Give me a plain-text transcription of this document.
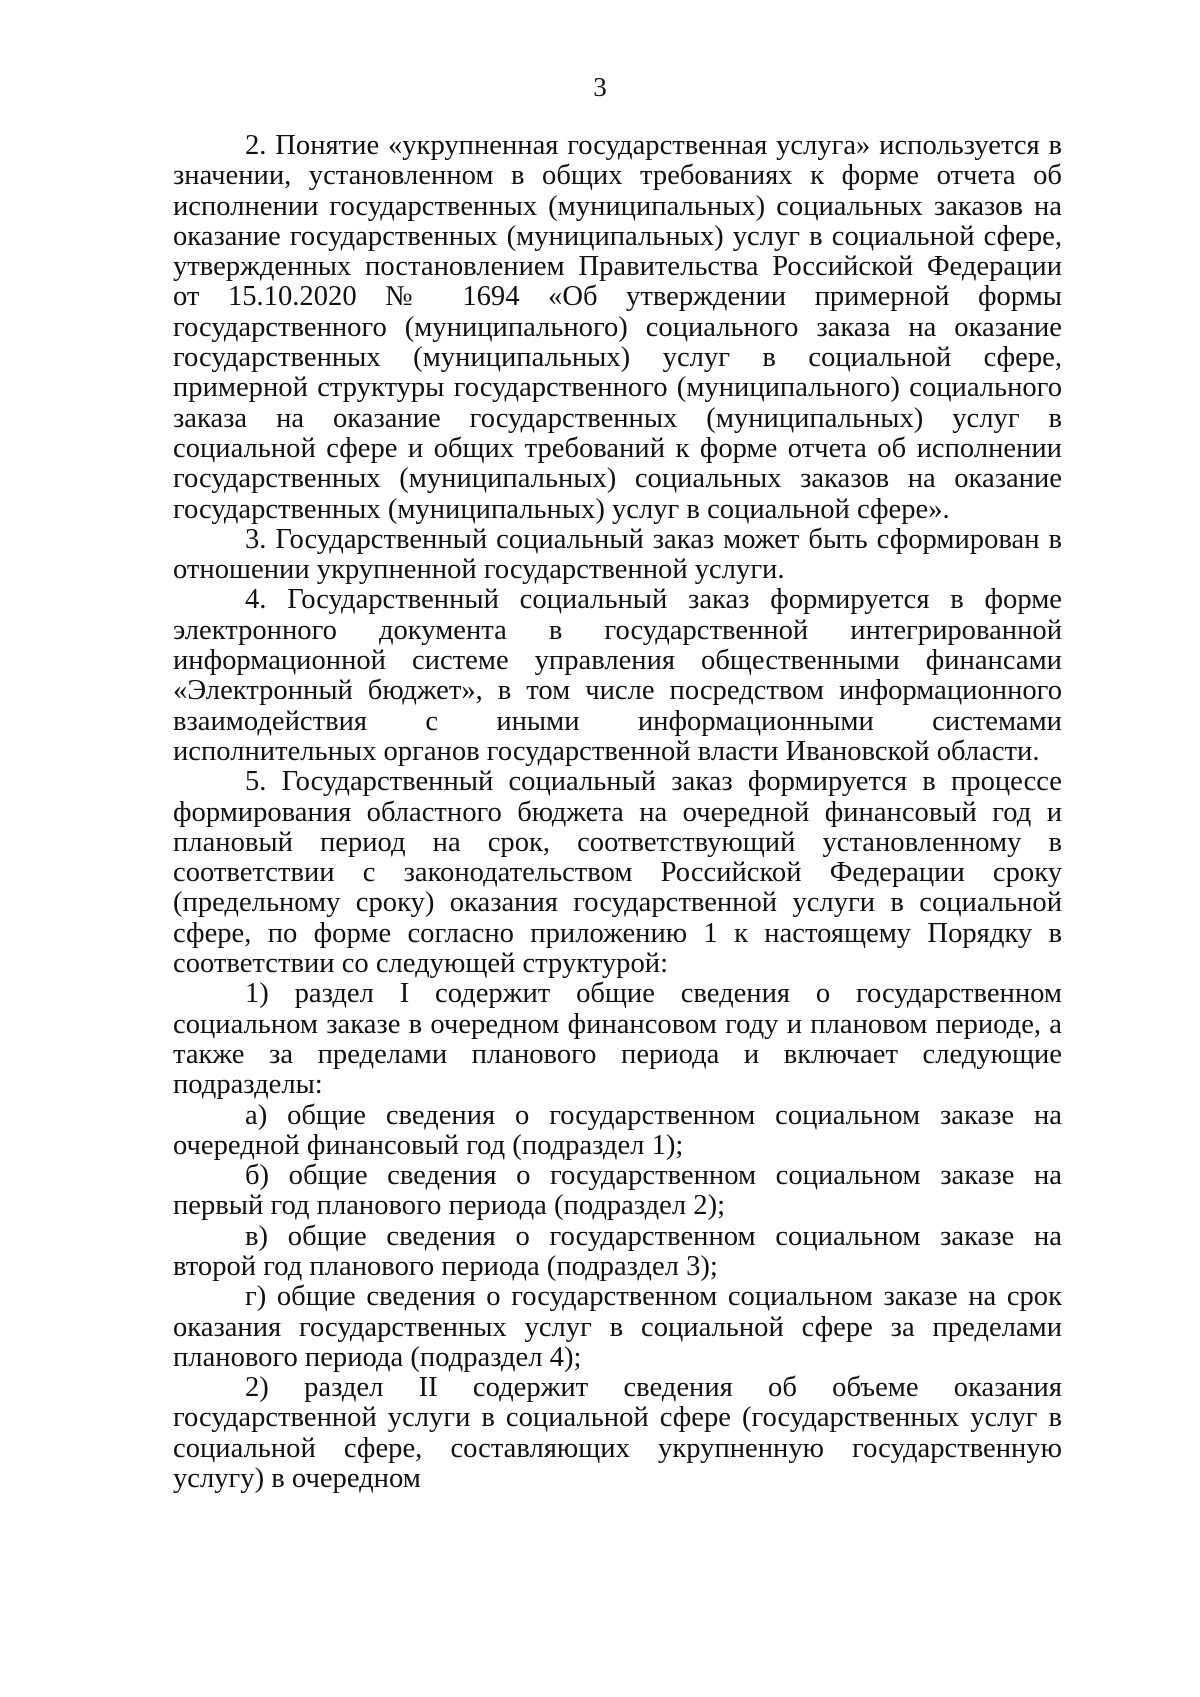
3

2. Понятие «укрупненная государственная услуга» используется в значении, установленном в общих требованиях к форме отчета об исполнении государственных (муниципальных) социальных заказов на оказание государственных (муниципальных) услуг в социальной сфере, утвержденных постановлением Правительства Российской Федерации от 15.10.2020 № 1694 «Об утверждении примерной формы государственного (муниципального) социального заказа на оказание государственных (муниципальных) услуг в социальной сфере, примерной структуры государственного (муниципального) социального заказа на оказание государственных (муниципальных) услуг в социальной сфере и общих требований к форме отчета об исполнении государственных (муниципальных) социальных заказов на оказание государственных (муниципальных) услуг в социальной сфере».

3. Государственный социальный заказ может быть сформирован в отношении укрупненной государственной услуги.

4. Государственный социальный заказ формируется в форме электронного документа в государственной интегрированной информационной системе управления общественными финансами «Электронный бюджет», в том числе посредством информационного взаимодействия с иными информационными системами исполнительных органов государственной власти Ивановской области.

5. Государственный социальный заказ формируется в процессе формирования областного бюджета на очередной финансовый год и плановый период на срок, соответствующий установленному в соответствии с законодательством Российской Федерации сроку (предельному сроку) оказания государственной услуги в социальной сфере, по форме согласно приложению 1 к настоящему Порядку в соответствии со следующей структурой:

1) раздел I содержит общие сведения о государственном социальном заказе в очередном финансовом году и плановом периоде, а также за пределами планового периода и включает следующие подразделы:

а) общие сведения о государственном социальном заказе на очередной финансовый год (подраздел 1);

б) общие сведения о государственном социальном заказе на первый год планового периода (подраздел 2);

в) общие сведения о государственном социальном заказе на второй год планового периода (подраздел 3);

г) общие сведения о государственном социальном заказе на срок оказания государственных услуг в социальной сфере за пределами планового периода (подраздел 4);

2) раздел II содержит сведения об объеме оказания государственной услуги в социальной сфере (государственных услуг в социальной сфере, составляющих укрупненную государственную услугу) в очередном
